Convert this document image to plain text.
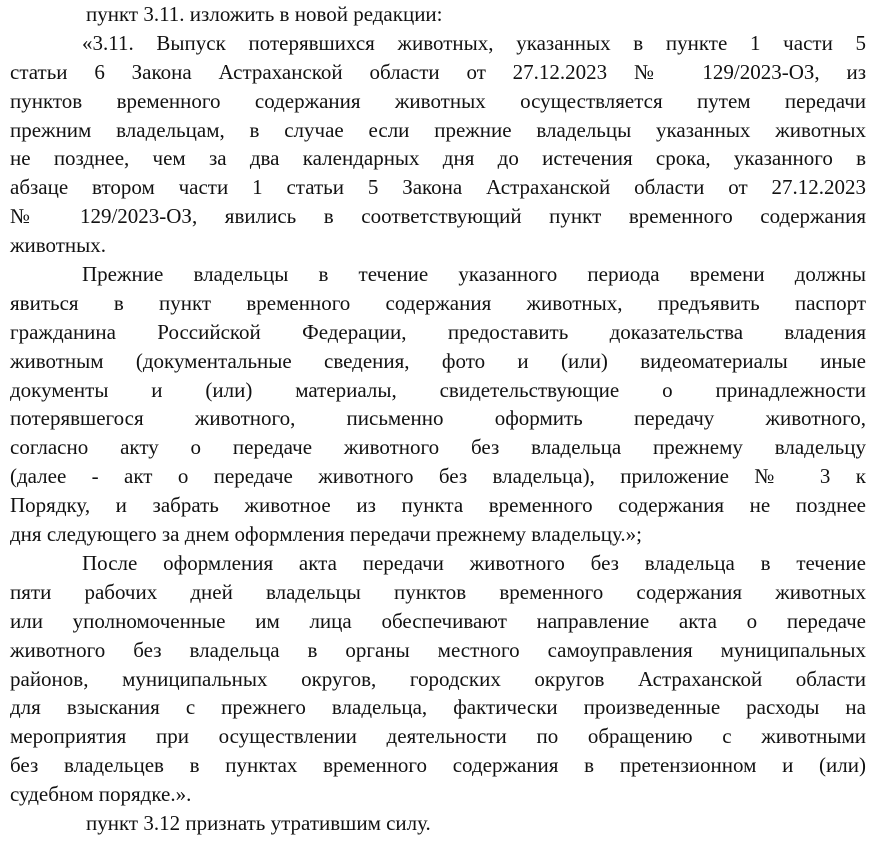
пункт 3.11. изложить в новой редакции:
«3.11. Выпуск потерявшихся животных, указанных в пункте 1 части 5
статьи 6 Закона Астраханской области от 27.12.2023 № 129/2023-ОЗ, из
пунктов временного содержания животных осуществляется путем передачи
прежним владельцам, в случае если прежние владельцы указанных животных
не позднее, чем за два календарных дня до истечения срока, указанного в
абзаце втором части 1 статьи 5 Закона Астраханской области от 27.12.2023
№ 129/2023-ОЗ, явились в соответствующий пункт временного содержания
животных.
Прежние владельцы в течение указанного периода времени должны
явиться в пункт временного содержания животных, предъявить паспорт
гражданина Российской Федерации, предоставить доказательства владения
животным (документальные сведения, фото и (или) видеоматериалы иные
документы и (или) материалы, свидетельствующие о принадлежности
потерявшегося животного, письменно оформить передачу животного,
согласно акту о передаче животного без владельца прежнему владельцу
(далее - акт о передаче животного без владельца), приложение № 3 к
Порядку, и забрать животное из пункта временного содержания не позднее
дня следующего за днем оформления передачи прежнему владельцу.»;
После оформления акта передачи животного без владельца в течение
пяти рабочих дней владельцы пунктов временного содержания животных
или уполномоченные им лица обеспечивают направление акта о передаче
животного без владельца в органы местного самоуправления муниципальных
районов, муниципальных округов, городских округов Астраханской области
для взыскания с прежнего владельца, фактически произведенные расходы на
мероприятия при осуществлении деятельности по обращению с животными
без владельцев в пунктах временного содержания в претензионном и (или)
судебном порядке.».
пункт 3.12 признать утратившим силу.
